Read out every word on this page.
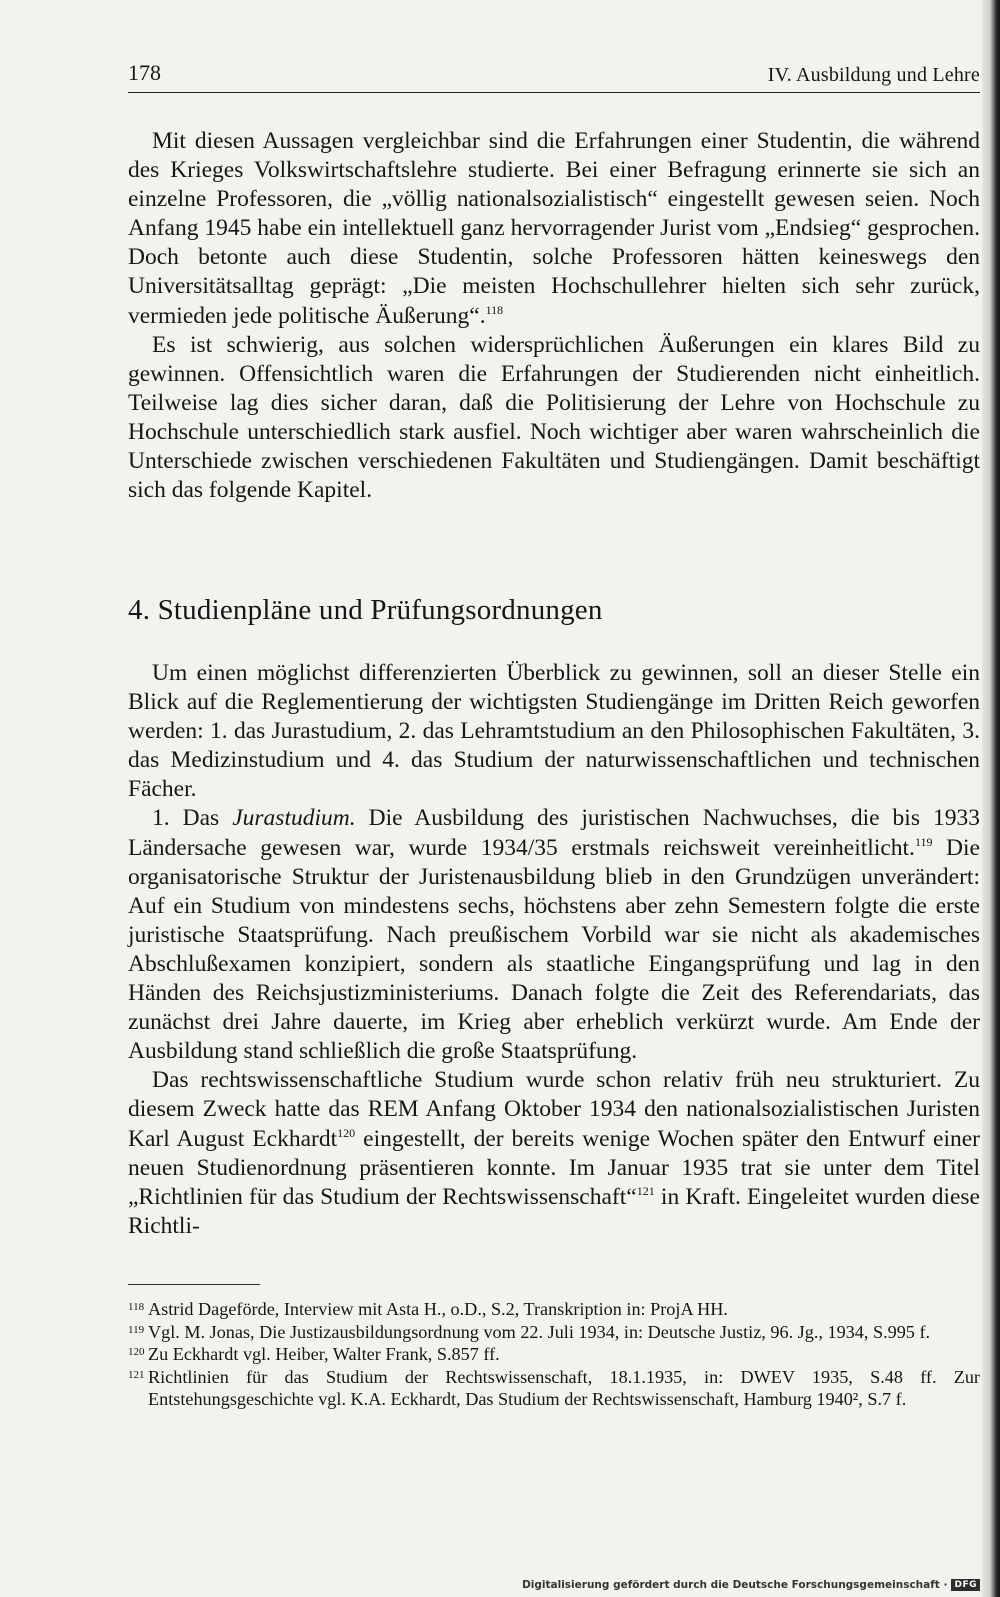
178	IV. Ausbildung und Lehre

Mit diesen Aussagen vergleichbar sind die Erfahrungen einer Studentin, die während des Krieges Volkswirtschaftslehre studierte. Bei einer Befragung erinnerte sie sich an einzelne Professoren, die „völlig nationalsozialistisch“ eingestellt gewesen seien. Noch Anfang 1945 habe ein intellektuell ganz hervorragender Jurist vom „Endsieg“ gesprochen. Doch betonte auch diese Studentin, solche Professoren hätten keineswegs den Universitätsalltag geprägt: „Die meisten Hochschullehrer hielten sich sehr zurück, vermieden jede politische Äußerung“.$^{118}$

Es ist schwierig, aus solchen widersprüchlichen Äußerungen ein klares Bild zu gewinnen. Offensichtlich waren die Erfahrungen der Studierenden nicht einheitlich. Teilweise lag dies sicher daran, daß die Politisierung der Lehre von Hochschule zu Hochschule unterschiedlich stark ausfiel. Noch wichtiger aber waren wahrscheinlich die Unterschiede zwischen verschiedenen Fakultäten und Studiengängen. Damit beschäftigt sich das folgende Kapitel.

4. Studienpläne und Prüfungsordnungen

Um einen möglichst differenzierten Überblick zu gewinnen, soll an dieser Stelle ein Blick auf die Reglementierung der wichtigsten Studiengänge im Dritten Reich geworfen werden: 1. das Jurastudium, 2. das Lehramtstudium an den Philosophischen Fakultäten, 3. das Medizinstudium und 4. das Studium der naturwissenschaftlichen und technischen Fächer.

1. Das Jurastudium. Die Ausbildung des juristischen Nachwuchses, die bis 1933 Ländersache gewesen war, wurde 1934/35 erstmals reichsweit vereinheitlicht.$^{119}$ Die organisatorische Struktur der Juristenausbildung blieb in den Grundzügen unverändert: Auf ein Studium von mindestens sechs, höchstens aber zehn Semestern folgte die erste juristische Staatsprüfung. Nach preußischem Vorbild war sie nicht als akademisches Abschlußexamen konzipiert, sondern als staatliche Eingangsprüfung und lag in den Händen des Reichsjustizministeriums. Danach folgte die Zeit des Referendariats, das zunächst drei Jahre dauerte, im Krieg aber erheblich verkürzt wurde. Am Ende der Ausbildung stand schließlich die große Staatsprüfung.

Das rechtswissenschaftliche Studium wurde schon relativ früh neu strukturiert. Zu diesem Zweck hatte das REM Anfang Oktober 1934 den nationalsozialistischen Juristen Karl August Eckhardt$^{120}$ eingestellt, der bereits wenige Wochen später den Entwurf einer neuen Studienordnung präsentieren konnte. Im Januar 1935 trat sie unter dem Titel „Richtlinien für das Studium der Rechtswissenschaft“$^{121}$ in Kraft. Eingeleitet wurden diese Richtli-

118 Astrid Dageförde, Interview mit Asta H., o.D., S.2, Transkription in: ProjA HH.
119 Vgl. M. Jonas, Die Justizausbildungsordnung vom 22. Juli 1934, in: Deutsche Justiz, 96. Jg., 1934, S.995 f.
120 Zu Eckhardt vgl. Heiber, Walter Frank, S.857 ff.
121 Richtlinien für das Studium der Rechtswissenschaft, 18.1.1935, in: DWEV 1935, S.48 ff. Zur Entstehungsgeschichte vgl. K.A. Eckhardt, Das Studium der Rechtswissenschaft, Hamburg 1940², S.7 f.
Digitalisierung gefördert durch die Deutsche Forschungsgemeinschaft · DFG
